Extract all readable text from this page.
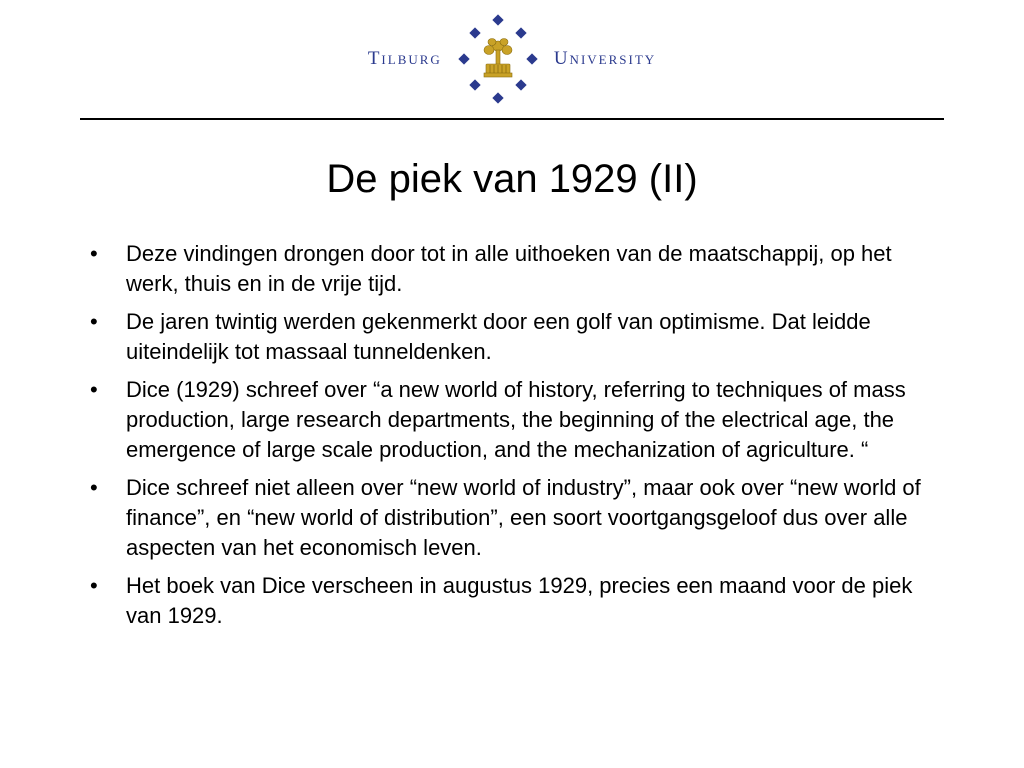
Tilburg	University
De piek van 1929 (II)
•	Deze vindingen drongen door tot in alle uithoeken van de maatschappij, op het werk, thuis en in de vrije tijd.
•	De jaren twintig werden gekenmerkt door een golf van optimisme. Dat leidde uiteindelijk tot massaal tunneldenken.
•	Dice (1929) schreef over “a new world of history, referring to techniques of mass production, large research departments, the beginning of the electrical age, the emergence of large scale production, and the mechanization of agriculture. “
•	Dice schreef niet alleen over “new world of industry”, maar ook over “new world of finance”, en “new world of distribution”, een soort voortgangsgeloof dus over alle aspecten van het economisch leven.
•	Het boek van Dice verscheen in augustus 1929, precies een maand voor de piek van 1929.
